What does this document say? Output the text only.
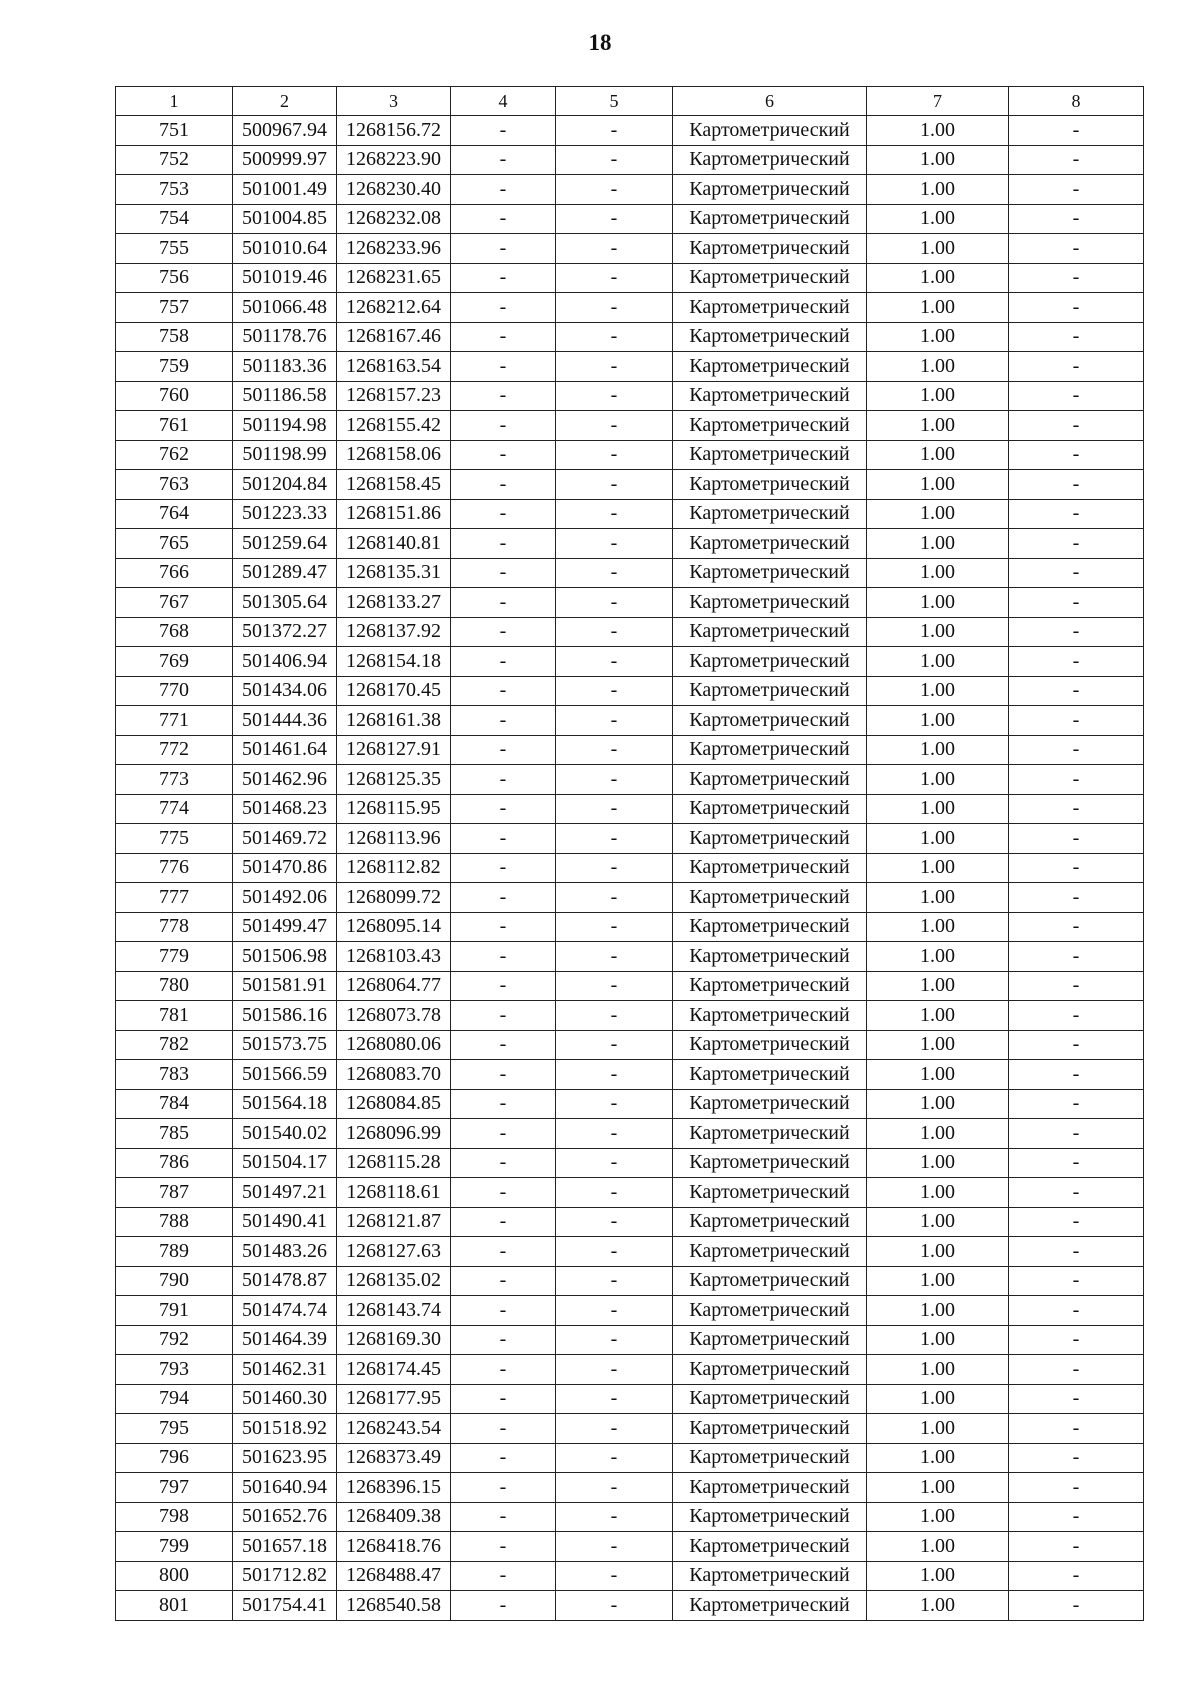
18
1	2	3	4	5	6	7	8
751	500967.94	1268156.72	-	-	Картометрический	1.00	-
752	500999.97	1268223.90	-	-	Картометрический	1.00	-
753	501001.49	1268230.40	-	-	Картометрический	1.00	-
754	501004.85	1268232.08	-	-	Картометрический	1.00	-
755	501010.64	1268233.96	-	-	Картометрический	1.00	-
756	501019.46	1268231.65	-	-	Картометрический	1.00	-
757	501066.48	1268212.64	-	-	Картометрический	1.00	-
758	501178.76	1268167.46	-	-	Картометрический	1.00	-
759	501183.36	1268163.54	-	-	Картометрический	1.00	-
760	501186.58	1268157.23	-	-	Картометрический	1.00	-
761	501194.98	1268155.42	-	-	Картометрический	1.00	-
762	501198.99	1268158.06	-	-	Картометрический	1.00	-
763	501204.84	1268158.45	-	-	Картометрический	1.00	-
764	501223.33	1268151.86	-	-	Картометрический	1.00	-
765	501259.64	1268140.81	-	-	Картометрический	1.00	-
766	501289.47	1268135.31	-	-	Картометрический	1.00	-
767	501305.64	1268133.27	-	-	Картометрический	1.00	-
768	501372.27	1268137.92	-	-	Картометрический	1.00	-
769	501406.94	1268154.18	-	-	Картометрический	1.00	-
770	501434.06	1268170.45	-	-	Картометрический	1.00	-
771	501444.36	1268161.38	-	-	Картометрический	1.00	-
772	501461.64	1268127.91	-	-	Картометрический	1.00	-
773	501462.96	1268125.35	-	-	Картометрический	1.00	-
774	501468.23	1268115.95	-	-	Картометрический	1.00	-
775	501469.72	1268113.96	-	-	Картометрический	1.00	-
776	501470.86	1268112.82	-	-	Картометрический	1.00	-
777	501492.06	1268099.72	-	-	Картометрический	1.00	-
778	501499.47	1268095.14	-	-	Картометрический	1.00	-
779	501506.98	1268103.43	-	-	Картометрический	1.00	-
780	501581.91	1268064.77	-	-	Картометрический	1.00	-
781	501586.16	1268073.78	-	-	Картометрический	1.00	-
782	501573.75	1268080.06	-	-	Картометрический	1.00	-
783	501566.59	1268083.70	-	-	Картометрический	1.00	-
784	501564.18	1268084.85	-	-	Картометрический	1.00	-
785	501540.02	1268096.99	-	-	Картометрический	1.00	-
786	501504.17	1268115.28	-	-	Картометрический	1.00	-
787	501497.21	1268118.61	-	-	Картометрический	1.00	-
788	501490.41	1268121.87	-	-	Картометрический	1.00	-
789	501483.26	1268127.63	-	-	Картометрический	1.00	-
790	501478.87	1268135.02	-	-	Картометрический	1.00	-
791	501474.74	1268143.74	-	-	Картометрический	1.00	-
792	501464.39	1268169.30	-	-	Картометрический	1.00	-
793	501462.31	1268174.45	-	-	Картометрический	1.00	-
794	501460.30	1268177.95	-	-	Картометрический	1.00	-
795	501518.92	1268243.54	-	-	Картометрический	1.00	-
796	501623.95	1268373.49	-	-	Картометрический	1.00	-
797	501640.94	1268396.15	-	-	Картометрический	1.00	-
798	501652.76	1268409.38	-	-	Картометрический	1.00	-
799	501657.18	1268418.76	-	-	Картометрический	1.00	-
800	501712.82	1268488.47	-	-	Картометрический	1.00	-
801	501754.41	1268540.58	-	-	Картометрический	1.00	-
